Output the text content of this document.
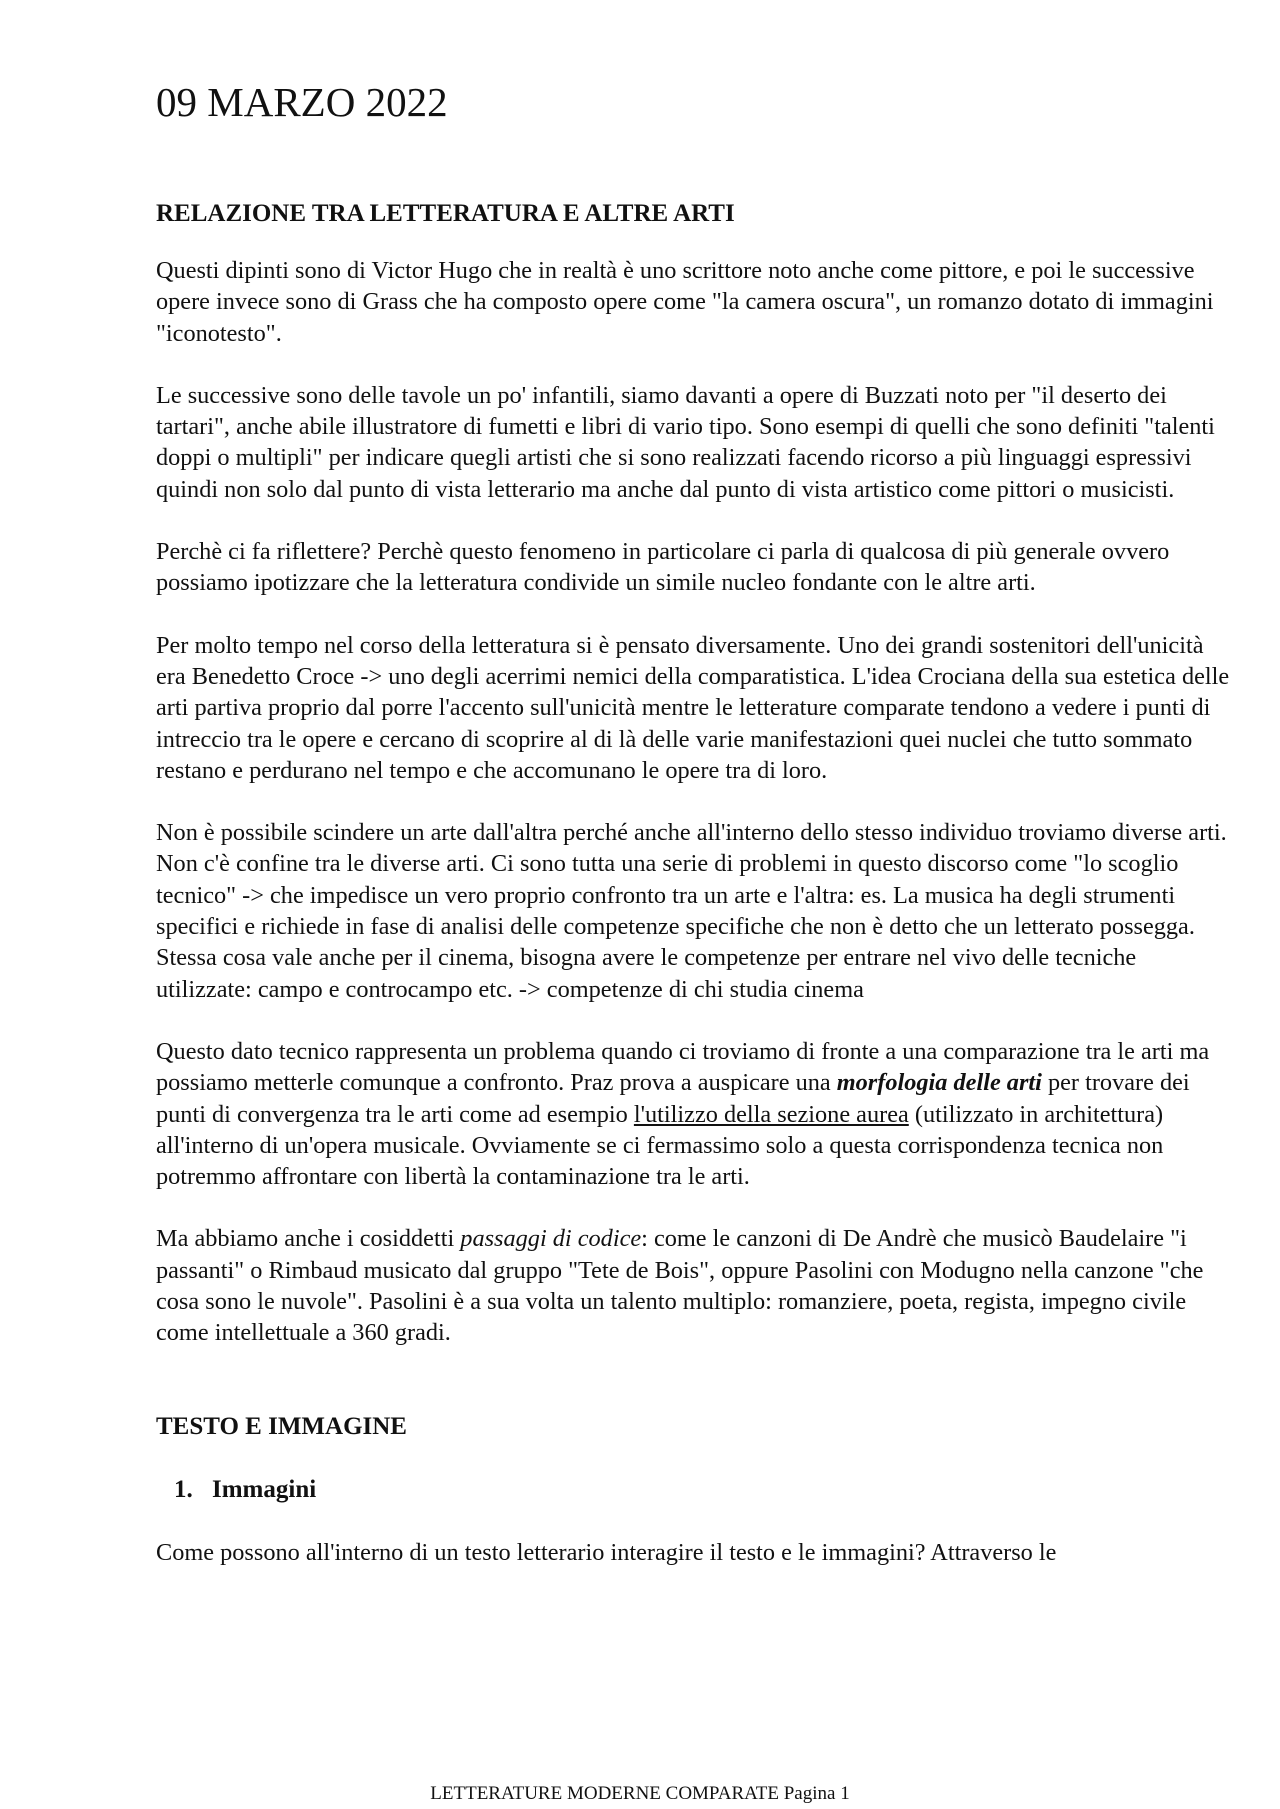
09 MARZO 2022
RELAZIONE TRA LETTERATURA E ALTRE ARTI

Questi dipinti sono di Victor Hugo che in realtà è uno scrittore noto anche come pittore, e poi le successive opere invece sono di Grass che ha composto opere come "la camera oscura", un romanzo dotato di immagini "iconotesto".

Le successive sono delle tavole un po' infantili, siamo davanti a opere di Buzzati noto per "il deserto dei tartari", anche abile illustratore di fumetti e libri di vario tipo. Sono esempi di quelli che sono definiti "talenti doppi o multipli" per indicare quegli artisti che si sono realizzati facendo ricorso a più linguaggi espressivi quindi non solo dal punto di vista letterario ma anche dal punto di vista artistico come pittori o musicisti.

Perchè ci fa riflettere? Perchè questo fenomeno in particolare ci parla di qualcosa di più generale ovvero possiamo ipotizzare che la letteratura condivide un simile nucleo fondante con le altre arti.

Per molto tempo nel corso della letteratura si è pensato diversamente. Uno dei grandi sostenitori dell'unicità era Benedetto Croce -> uno degli acerrimi nemici della comparatistica. L'idea Crociana della sua estetica delle arti partiva proprio dal porre l'accento sull'unicità mentre le letterature comparate tendono a vedere i punti di intreccio tra le opere e cercano di scoprire al di là delle varie manifestazioni quei nuclei che tutto sommato restano e perdurano nel tempo e che accomunano le opere tra di loro.

Non è possibile scindere un arte dall'altra perché anche all'interno dello stesso individuo troviamo diverse arti. Non c'è confine tra le diverse arti. Ci sono tutta una serie di problemi in questo discorso come "lo scoglio tecnico" -> che impedisce un vero proprio confronto tra un arte e l'altra: es. La musica ha degli strumenti specifici e richiede in fase di analisi delle competenze specifiche che non è detto che un letterato possegga. Stessa cosa vale anche per il cinema, bisogna avere le competenze per entrare nel vivo delle tecniche utilizzate: campo e controcampo etc. -> competenze di chi studia cinema

Questo dato tecnico rappresenta un problema quando ci troviamo di fronte a una comparazione tra le arti ma possiamo metterle comunque a confronto. Praz prova a auspicare una morfologia delle arti per trovare dei punti di convergenza tra le arti come ad esempio l'utilizzo della sezione aurea (utilizzato in architettura) all'interno di un'opera musicale. Ovviamente se ci fermassimo solo a questa corrispondenza tecnica non potremmo affrontare con libertà la contaminazione tra le arti.

Ma abbiamo anche i cosiddetti passaggi di codice: come le canzoni di De Andrè che musicò Baudelaire "i passanti" o Rimbaud musicato dal gruppo "Tete de Bois", oppure Pasolini con Modugno nella canzone "che cosa sono le nuvole". Pasolini è a sua volta un talento multiplo: romanziere, poeta, regista, impegno civile come intellettuale a 360 gradi.

TESTO E IMMAGINE
1. Immagini

Come possono all'interno di un testo letterario interagire il testo e le immagini? Attraverso le

LETTERATURE MODERNE COMPARATE Pagina 1
